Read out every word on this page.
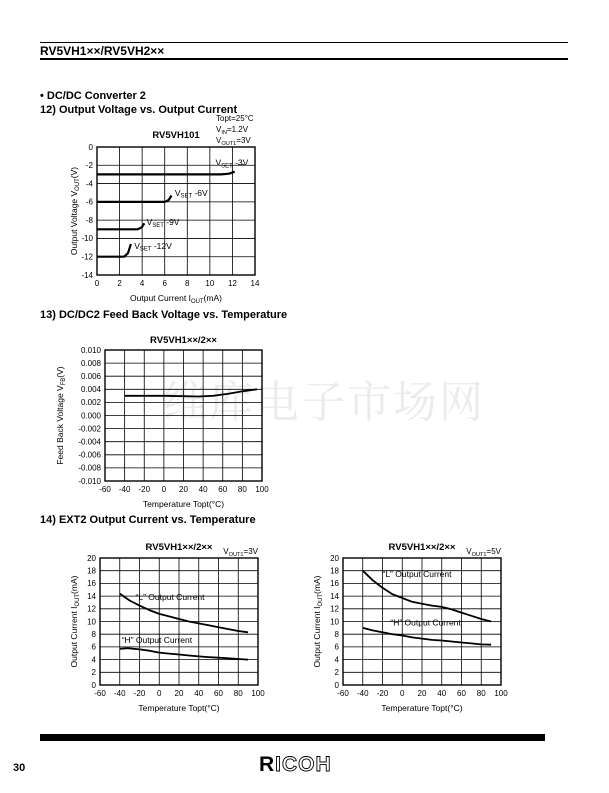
RV5VH1××/RV5VH2××
维库电子市场网
• DC/DC Converter 2
12) Output Voltage vs. Output Current
0 2 4 6 8 10 12 14
0
-2
-4
-6
-8
-10
-12
-14
RV5VH101
Topt=25°C
$V_{IN}=1.2V$
$V_{OUT1}=3V$
Output Current $I_{OUT}(mA)$
Output Voltage $V_{OUT}(V)$
$V_{SET}$ -3V
$V_{SET}$ -6V
$V_{SET}$ -9V
$V_{SET}$ -12V
13) DC/DC2 Feed Back Voltage vs. Temperature
-60 -40 -20 0 20 40 60 80 100
0.010
0.008
0.006
0.004
0.002
0.000
-0.002
-0.004
-0.006
-0.008
-0.010
RV5VH1××/2××
Temperature Topt(°C)
Feed Back Voltage $V_{FB}(V)$
14) EXT2 Output Current vs. Temperature
-60 -40 -20 0 20 40 60 80 100
20
18
16
14
12
10
8
6
4
2
0
$RV5VH1\times\times/2\times\times V_{OUT1}=3V$
Temperature Topt(°C)
Output Current $I_{OUT}(mA)$
“L” Output Current
“H” Output Current
-60 -40 -20 0 20 40 60 80 100
20
18
16
14
12
10
8
6
4
2
0
$RV5VH1\times\times/2\times\times V_{OUT1}=5V$
Temperature Topt(°C)
Output Current $I_{OUT}(mA)$
“L” Output Current
“H” Output Current
RICOH
30
